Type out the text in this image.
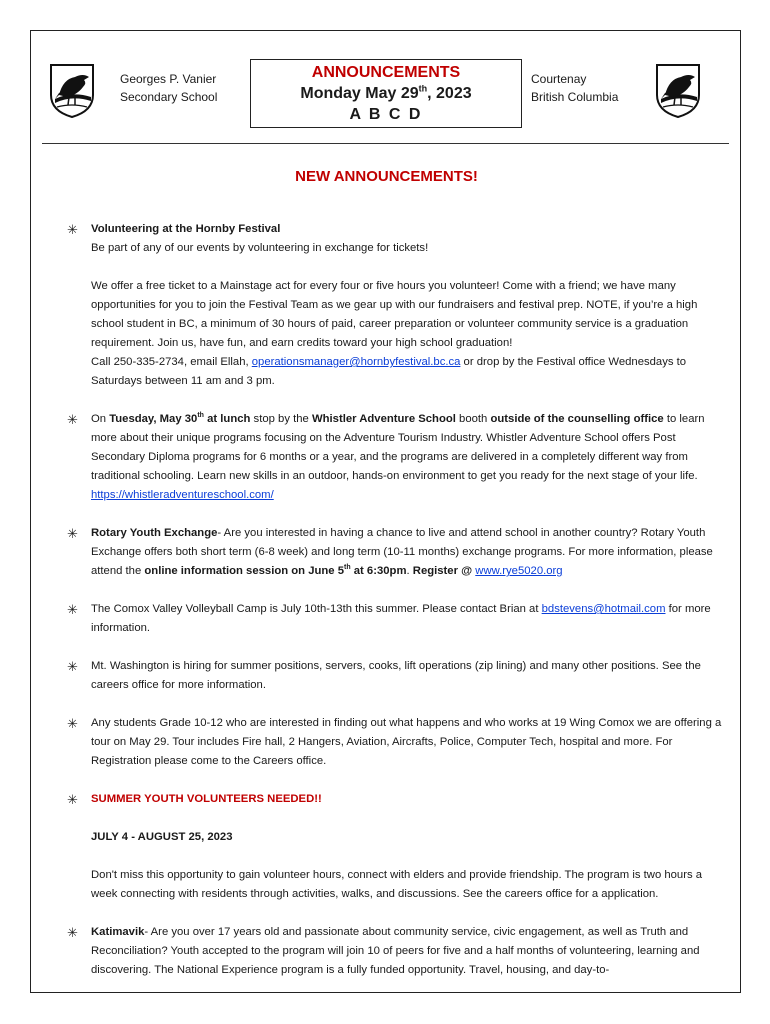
Georges P. Vanier
Secondary School
ANNOUNCEMENTS
Monday May 29th, 2023
A B C D
Courtenay
British Columbia
NEW ANNOUNCEMENTS!
✳ Volunteering at the Hornby Festival
Be part of any of our events by volunteering in exchange for tickets!

We offer a free ticket to a Mainstage act for every four or five hours you volunteer! Come with a friend; we have many opportunities for you to join the Festival Team as we gear up with our fundraisers and festival prep. NOTE, if you’re a high school student in BC, a minimum of 30 hours of paid, career preparation or volunteer community service is a graduation requirement. Join us, have fun, and earn credits toward your high school graduation!
Call 250-335-2734, email Ellah, operationsmanager@hornbyfestival.bc.ca or drop by the Festival office Wednesdays to Saturdays between 11 am and 3 pm.

✳ On Tuesday, May 30th at lunch stop by the Whistler Adventure School booth outside of the counselling office to learn more about their unique programs focusing on the Adventure Tourism Industry. Whistler Adventure School offers Post Secondary Diploma programs for 6 months or a year, and the programs are delivered in a completely different way from traditional schooling. Learn new skills in an outdoor, hands-on environment to get you ready for the next stage of your life. https://whistleradventureschool.com/

✳ Rotary Youth Exchange- Are you interested in having a chance to live and attend school in another country? Rotary Youth Exchange offers both short term (6-8 week) and long term (10-11 months) exchange programs. For more information, please attend the online information session on June 5th at 6:30pm. Register @ www.rye5020.org

✳ The Comox Valley Volleyball Camp is July 10th-13th this summer. Please contact Brian at bdstevens@hotmail.com for more information.

✳ Mt. Washington is hiring for summer positions, servers, cooks, lift operations (zip lining) and many other positions. See the careers office for more information.

✳ Any students Grade 10-12 who are interested in finding out what happens and who works at 19 Wing Comox we are offering a tour on May 29. Tour includes Fire hall, 2 Hangers, Aviation, Aircrafts, Police, Computer Tech, hospital and more. For Registration please come to the Careers office.

✳ SUMMER YOUTH VOLUNTEERS NEEDED!!

JULY 4 - AUGUST 25, 2023

Don't miss this opportunity to gain volunteer hours, connect with elders and provide friendship. The program is two hours a week connecting with residents through activities, walks, and discussions. See the careers office for a application.

✳ Katimavik- Are you over 17 years old and passionate about community service, civic engagement, as well as Truth and Reconciliation? Youth accepted to the program will join 10 of peers for five and a half months of volunteering, learning and discovering. The National Experience program is a fully funded opportunity. Travel, housing, and day-to-
